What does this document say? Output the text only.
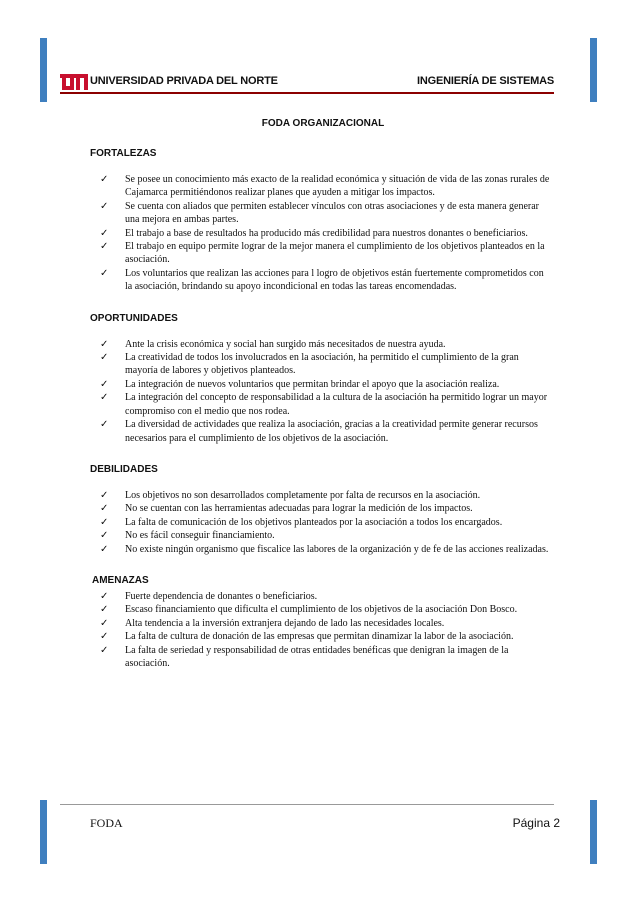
UNIVERSIDAD PRIVADA DEL NORTE	INGENIERÍA DE SISTEMAS
FODA ORGANIZACIONAL
FORTALEZAS
✓ Se posee un conocimiento más exacto de la realidad económica y situación de vida de las zonas rurales de Cajamarca permitiéndonos realizar planes que ayuden a mitigar los impactos.
✓ Se cuenta con aliados que permiten establecer vínculos con otras asociaciones y de esta manera generar una mejora en ambas partes.
✓ El trabajo a base de resultados ha producido más credibilidad para nuestros donantes o beneficiarios.
✓ El trabajo en equipo permite lograr de la mejor manera el cumplimiento de los objetivos planteados en la asociación.
✓ Los voluntarios que realizan las acciones para l logro de objetivos están fuertemente comprometidos con la asociación, brindando su apoyo incondicional en todas las tareas encomendadas.
OPORTUNIDADES
✓ Ante la crisis económica y social han surgido más necesitados de nuestra ayuda.
✓ La creatividad de todos los involucrados en la asociación, ha permitido el cumplimiento de la gran mayoría de labores y objetivos planteados.
✓ La integración de nuevos voluntarios que permitan brindar el apoyo que la asociación realiza.
✓ La integración del concepto de responsabilidad a la cultura de la asociación ha permitido lograr un mayor compromiso con el medio que nos rodea.
✓ La diversidad de actividades que realiza la asociación, gracias a la creatividad permite generar recursos necesarios para el cumplimiento de los objetivos de la asociación.
DEBILIDADES
✓ Los objetivos no son desarrollados completamente por falta de recursos en la asociación.
✓ No se cuentan con las herramientas adecuadas para lograr la medición de los impactos.
✓ La falta de comunicación de los objetivos planteados por la asociación a todos los encargados.
✓ No es fácil conseguir financiamiento.
✓ No existe ningún organismo que fiscalice las labores de la organización y de fe de las acciones realizadas.
AMENAZAS
✓ Fuerte dependencia de donantes o beneficiarios.
✓ Escaso financiamiento que dificulta el cumplimiento de los objetivos de la asociación Don Bosco.
✓ Alta tendencia a la inversión extranjera dejando de lado las necesidades locales.
✓ La falta de cultura de donación de las empresas que permitan dinamizar la labor de la asociación.
✓ La falta de seriedad y responsabilidad de otras entidades benéficas que denigran la imagen de la asociación.
FODA	Página 2
